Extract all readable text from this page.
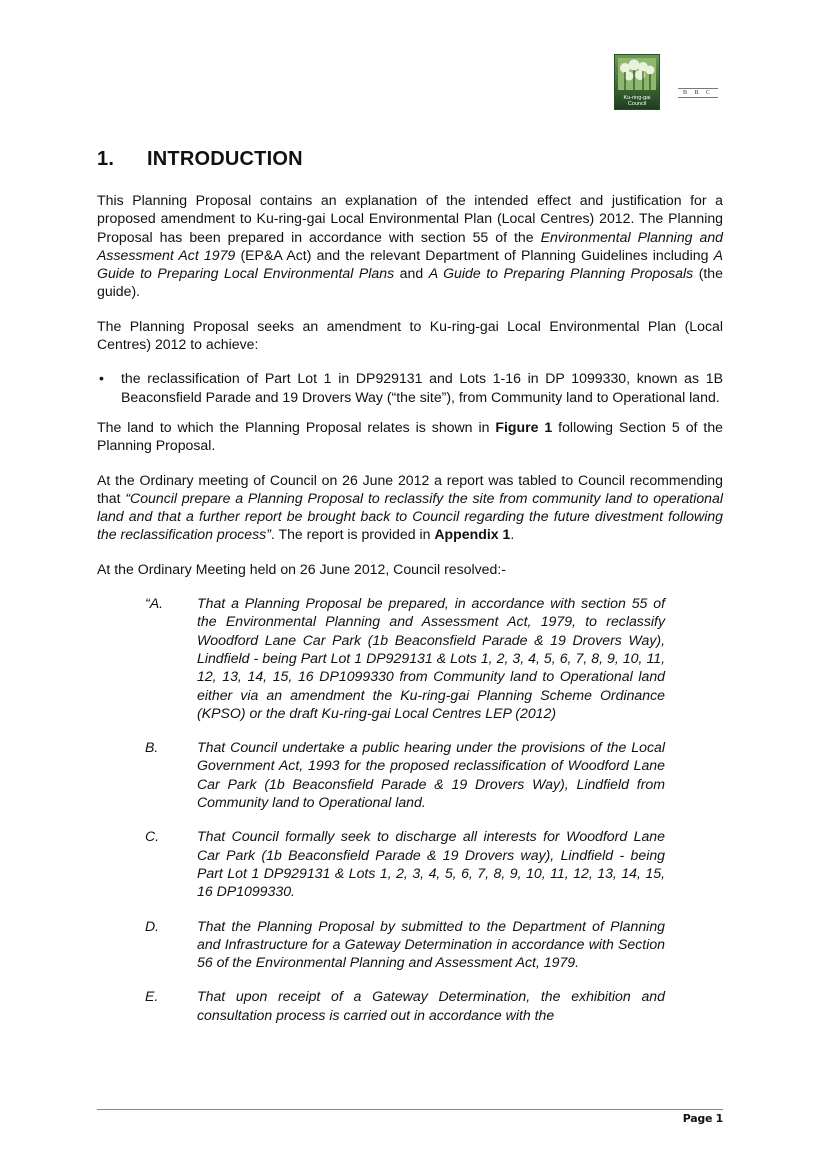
Ku-ring-gai Council
B B C

1. INTRODUCTION

This Planning Proposal contains an explanation of the intended effect and justification for a proposed amendment to Ku-ring-gai Local Environmental Plan (Local Centres) 2012. The Planning Proposal has been prepared in accordance with section 55 of the Environmental Planning and Assessment Act 1979 (EP&A Act) and the relevant Department of Planning Guidelines including A Guide to Preparing Local Environmental Plans and A Guide to Preparing Planning Proposals (the guide).

The Planning Proposal seeks an amendment to Ku-ring-gai Local Environmental Plan (Local Centres) 2012 to achieve:

• the reclassification of Part Lot 1 in DP929131 and Lots 1-16 in DP 1099330, known as 1B Beaconsfield Parade and 19 Drovers Way (“the site”), from Community land to Operational land.

The land to which the Planning Proposal relates is shown in Figure 1 following Section 5 of the Planning Proposal.

At the Ordinary meeting of Council on 26 June 2012 a report was tabled to Council recommending that “Council prepare a Planning Proposal to reclassify the site from community land to operational land and that a further report be brought back to Council regarding the future divestment following the reclassification process”. The report is provided in Appendix 1.

At the Ordinary Meeting held on 26 June 2012, Council resolved:-

“A.	That a Planning Proposal be prepared, in accordance with section 55 of the Environmental Planning and Assessment Act, 1979, to reclassify Woodford Lane Car Park (1b Beaconsfield Parade & 19 Drovers Way), Lindfield - being Part Lot 1 DP929131 & Lots 1, 2, 3, 4, 5, 6, 7, 8, 9, 10, 11, 12, 13, 14, 15, 16 DP1099330 from Community land to Operational land either via an amendment the Ku-ring-gai Planning Scheme Ordinance (KPSO) or the draft Ku-ring-gai Local Centres LEP (2012)
B.	That Council undertake a public hearing under the provisions of the Local Government Act, 1993 for the proposed reclassification of Woodford Lane Car Park (1b Beaconsfield Parade & 19 Drovers Way), Lindfield from Community land to Operational land.
C.	That Council formally seek to discharge all interests for Woodford Lane Car Park (1b Beaconsfield Parade & 19 Drovers way), Lindfield - being Part Lot 1 DP929131 & Lots 1, 2, 3, 4, 5, 6, 7, 8, 9, 10, 11, 12, 13, 14, 15, 16 DP1099330.
D.	That the Planning Proposal by submitted to the Department of Planning and Infrastructure for a Gateway Determination in accordance with Section 56 of the Environmental Planning and Assessment Act, 1979.
E.	That upon receipt of a Gateway Determination, the exhibition and consultation process is carried out in accordance with the
Page 1
